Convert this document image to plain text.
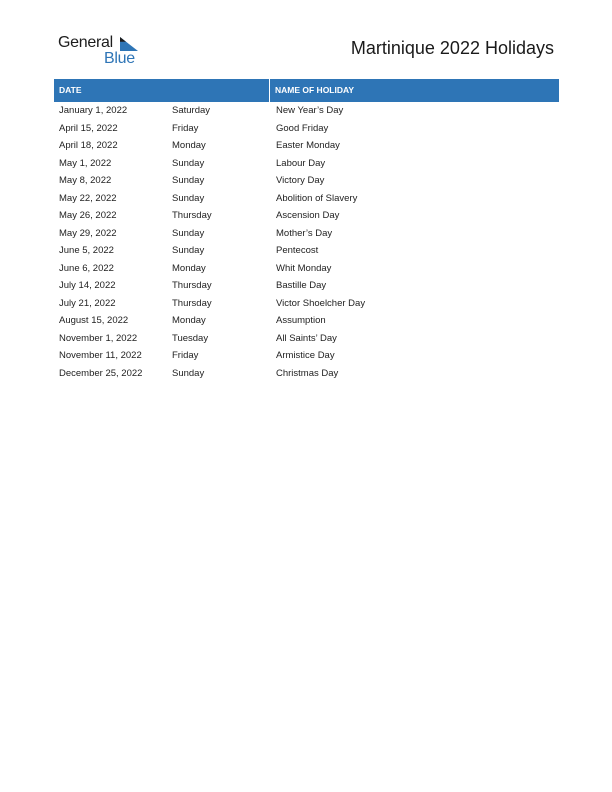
General
Blue
Martinique 2022 Holidays
DATE	NAME OF HOLIDAY
January 1, 2022	Saturday	New Year’s Day
April 15, 2022	Friday	Good Friday
April 18, 2022	Monday	Easter Monday
May 1, 2022	Sunday	Labour Day
May 8, 2022	Sunday	Victory Day
May 22, 2022	Sunday	Abolition of Slavery
May 26, 2022	Thursday	Ascension Day
May 29, 2022	Sunday	Mother’s Day
June 5, 2022	Sunday	Pentecost
June 6, 2022	Monday	Whit Monday
July 14, 2022	Thursday	Bastille Day
July 21, 2022	Thursday	Victor Shoelcher Day
August 15, 2022	Monday	Assumption
November 1, 2022	Tuesday	All Saints’ Day
November 11, 2022	Friday	Armistice Day
December 25, 2022	Sunday	Christmas Day
